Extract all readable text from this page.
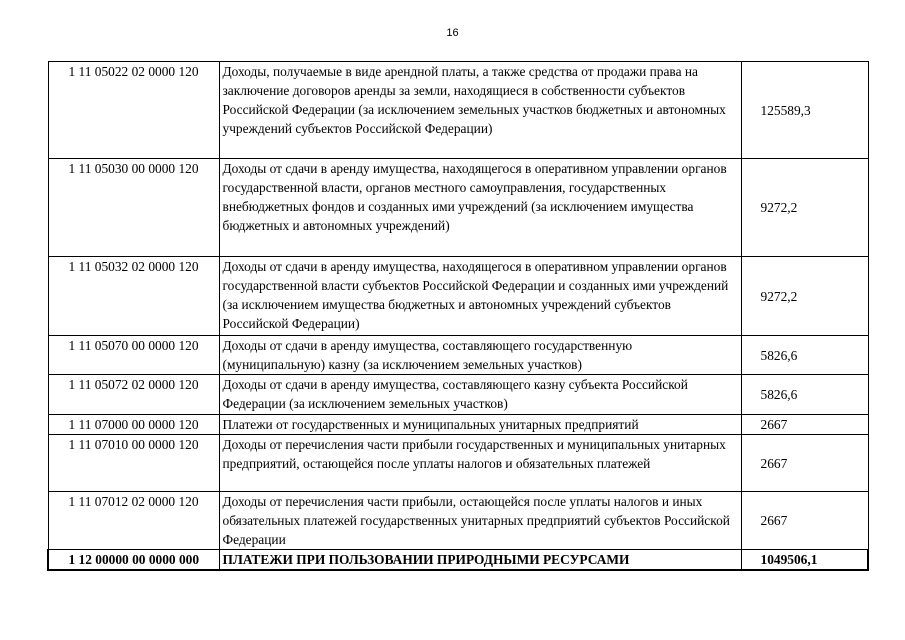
16
1 11 05022 02 0000 120	Доходы, получаемые в виде арендной платы, а также средства от продажи права на заключение договоров аренды за земли, находящиеся в собственности субъектов Российской Федерации (за исключением земельных участков бюджетных и автономных учреждений субъектов Российской Федерации)	125589,3
1 11 05030 00 0000 120	Доходы от сдачи в аренду имущества, находящегося в оперативном управлении органов государственной власти, органов местного самоуправления, государственных внебюджетных фондов и созданных ими учреждений (за исключением имущества бюджетных и автономных учреждений)	9272,2
1 11 05032 02 0000 120	Доходы от сдачи в аренду имущества, находящегося в оперативном управлении органов государственной власти субъектов Российской Федерации и созданных ими учреждений (за исключением имущества бюджетных и автономных учреждений субъектов Российской Федерации)	9272,2
1 11 05070 00 0000 120	Доходы от сдачи в аренду имущества, составляющего государственную (муниципальную) казну (за исключением земельных участков)	5826,6
1 11 05072 02 0000 120	Доходы от сдачи в аренду имущества, составляющего казну субъекта Российской Федерации (за исключением земельных участков)	5826,6
1 11 07000 00 0000 120	Платежи от государственных и муниципальных унитарных предприятий	2667
1 11 07010 00 0000 120	Доходы от перечисления части прибыли государственных и муниципальных унитарных предприятий, остающейся после уплаты налогов и обязательных платежей	2667
1 11 07012 02 0000 120	Доходы от перечисления части прибыли, остающейся после уплаты налогов и иных обязательных платежей государственных унитарных предприятий субъектов Российской Федерации	2667
1 12 00000 00 0000 000	ПЛАТЕЖИ ПРИ ПОЛЬЗОВАНИИ ПРИРОДНЫМИ РЕСУРСАМИ	1049506,1
